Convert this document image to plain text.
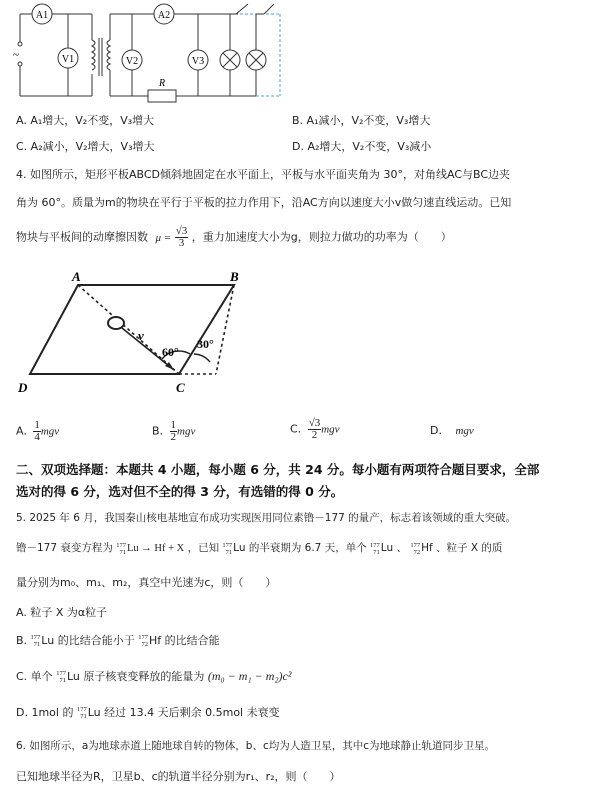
A1	A2
V1	V2	V3
R
~
A. A₁增大，V₂不变，V₃增大	B. A₁减小，V₂不变，V₃增大
C. A₂减小，V₂增大，V₃增大	D. A₂增大，V₂不变，V₃减小
4. 如图所示，矩形平板ABCD倾斜地固定在水平面上，平板与水平面夹角为 30°，对角线AC与BC边夹
角为 60°。质量为m的物块在平行于平板的拉力作用下，沿AC方向以速度大小v做匀速直线运动。已知
物块与平板间的动摩擦因数 $\mu = \frac{√3}{3}$ ，重力加速度大小为g，则拉力做功的功率为（　　）
A	B
C
D
v
60°
30°
A. $\frac{1}{4}$ mgv	B. $\frac{1}{2}$ mgv	C. $\frac{√3}{2}$ mgv	D. mgv
二、双项选择题：本题共 4 小题，每小题 6 分，共 24 分。每小题有两项符合题目要求，全部
选对的得 6 分，选对但不全的得 3 分，有选错的得 0 分。
5. 2025 年 6 月，我国秦山核电基地宣布成功实现医用同位素镥－177 的量产，标志着该领域的重大突破。
镥－177 衰变方程为 177
71Lu → Hf + X ，已知 177
71Lu 的半衰期为 6.7 天，单个 177
71Lu 、 177
72Hf 、粒子 X 的质
量分别为m₀、m₁、m₂，真空中光速为c，则（　　）
A. 粒子 X 为α粒子
B. 177
71Lu 的比结合能小于 177
72Hf 的比结合能
C. 单个 177
71Lu 原子核衰变释放的能量为 (m₀ − m₁ − m₂)c²
D. 1mol 的 177
71Lu 经过 13.4 天后剩余 0.5mol 未衰变
6. 如图所示，a为地球赤道上随地球自转的物体，b、c均为人造卫星，其中c为地球静止轨道同步卫星。
已知地球半径为R，卫星b、c的轨道半径分别为r₁、r₂，则（　　）
